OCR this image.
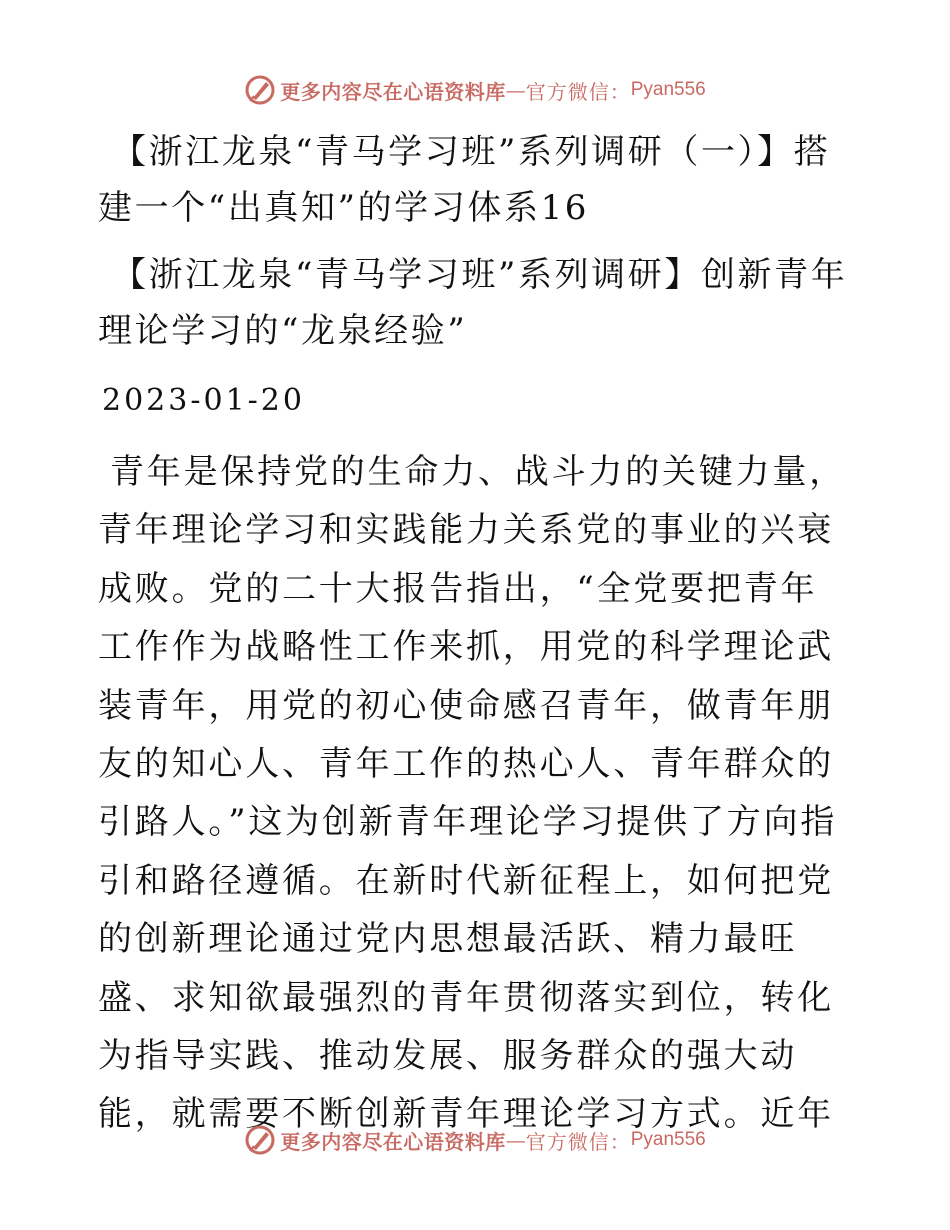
更多内容尽在心语资料库 — 官方微信： Pyan556

【浙江龙泉“青马学习班”系列调研（一）】搭建一个“出真知”的学习体系16

【浙江龙泉“青马学习班”系列调研】创新青年理论学习的“龙泉经验”

2023-01-20

青年是保持党的生命力、战斗力的关键力量，青年理论学习和实践能力关系党的事业的兴衰成败。党的二十大报告指出，“全党要把青年工作作为战略性工作来抓，用党的科学理论武装青年，用党的初心使命感召青年，做青年朋友的知心人、青年工作的热心人、青年群众的引路人。”这为创新青年理论学习提供了方向指引和路径遵循。在新时代新征程上，如何把党的创新理论通过党内思想最活跃、精力最旺盛、求知欲最强烈的青年贯彻落实到位，转化为指导实践、推动发展、服务群众的强大动能，就需要不断创新青年理论学习方式。近年

更多内容尽在心语资料库 — 官方微信： Pyan556
